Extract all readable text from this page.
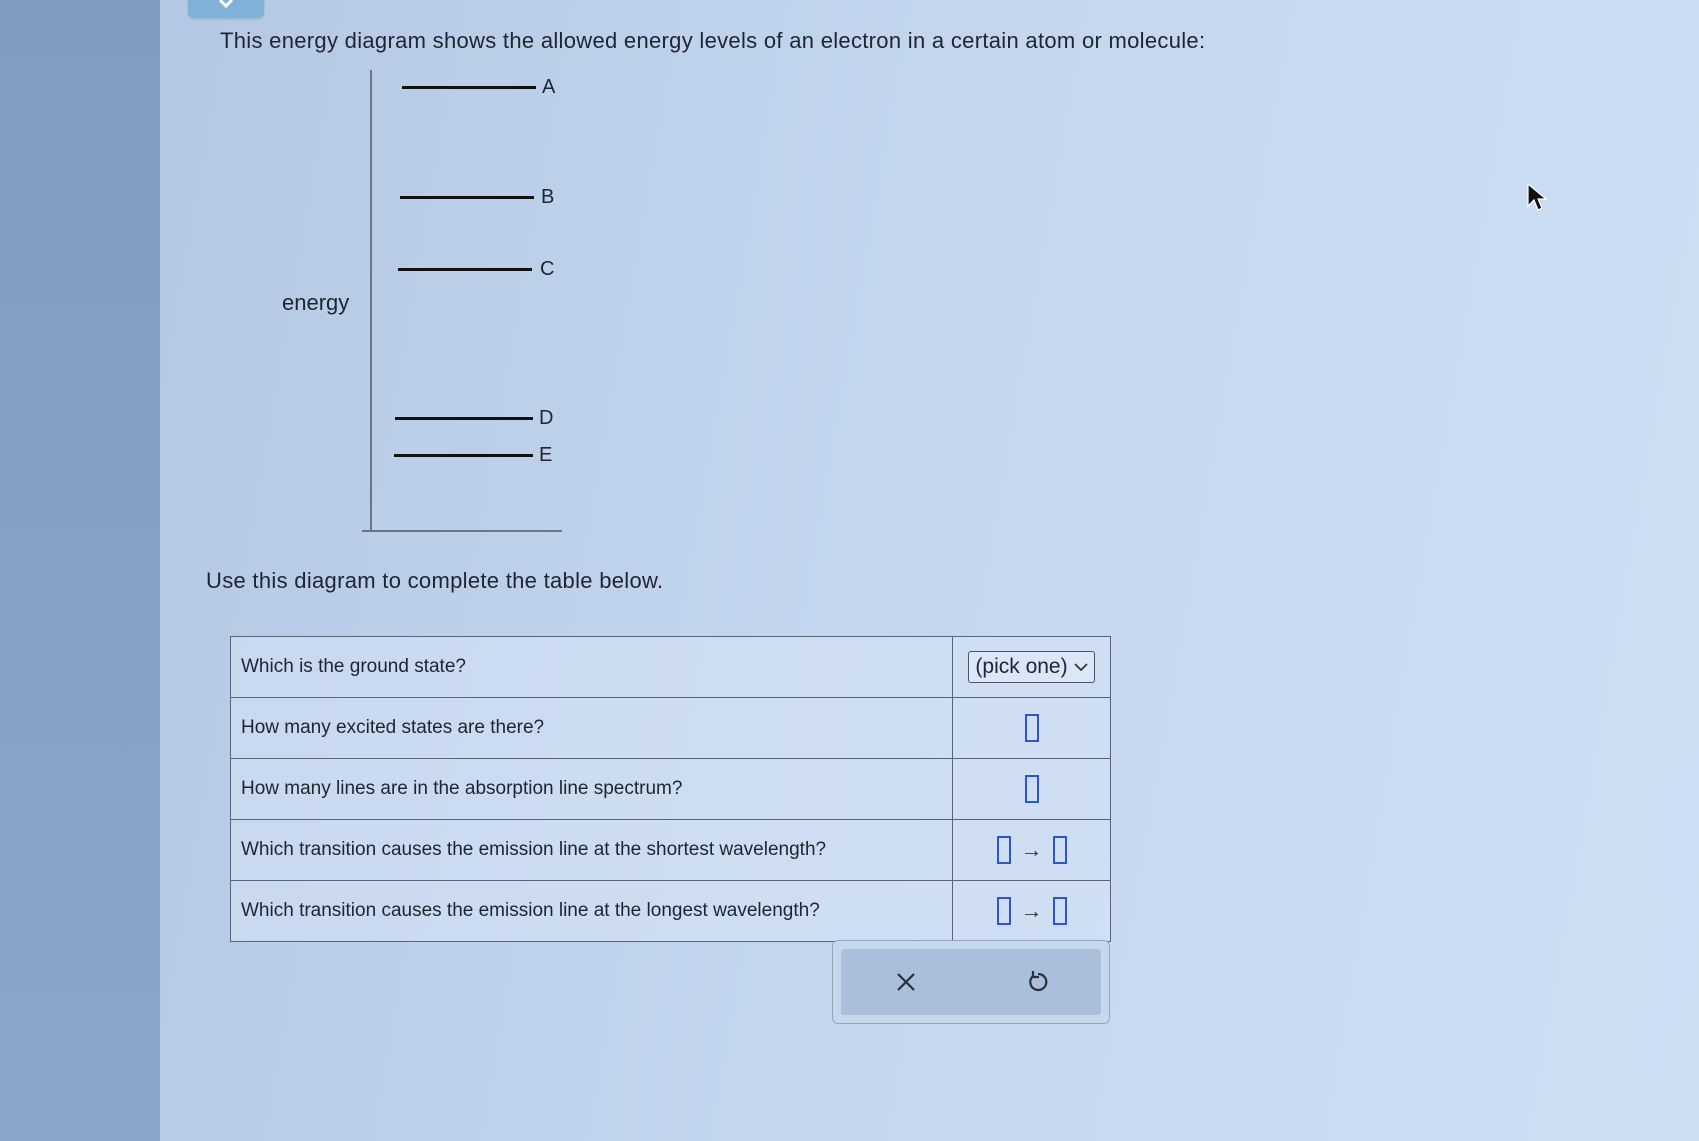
This energy diagram shows the allowed energy levels of an electron in a certain atom or molecule:
energy
A
B
C
D
E
Use this diagram to complete the table below.
Which is the ground state?	(pick one)

How many excited states are there?	
How many lines are in the absorption line spectrum?	
Which transition causes the emission line at the shortest wavelength?	→
Which transition causes the emission line at the longest wavelength?	→
